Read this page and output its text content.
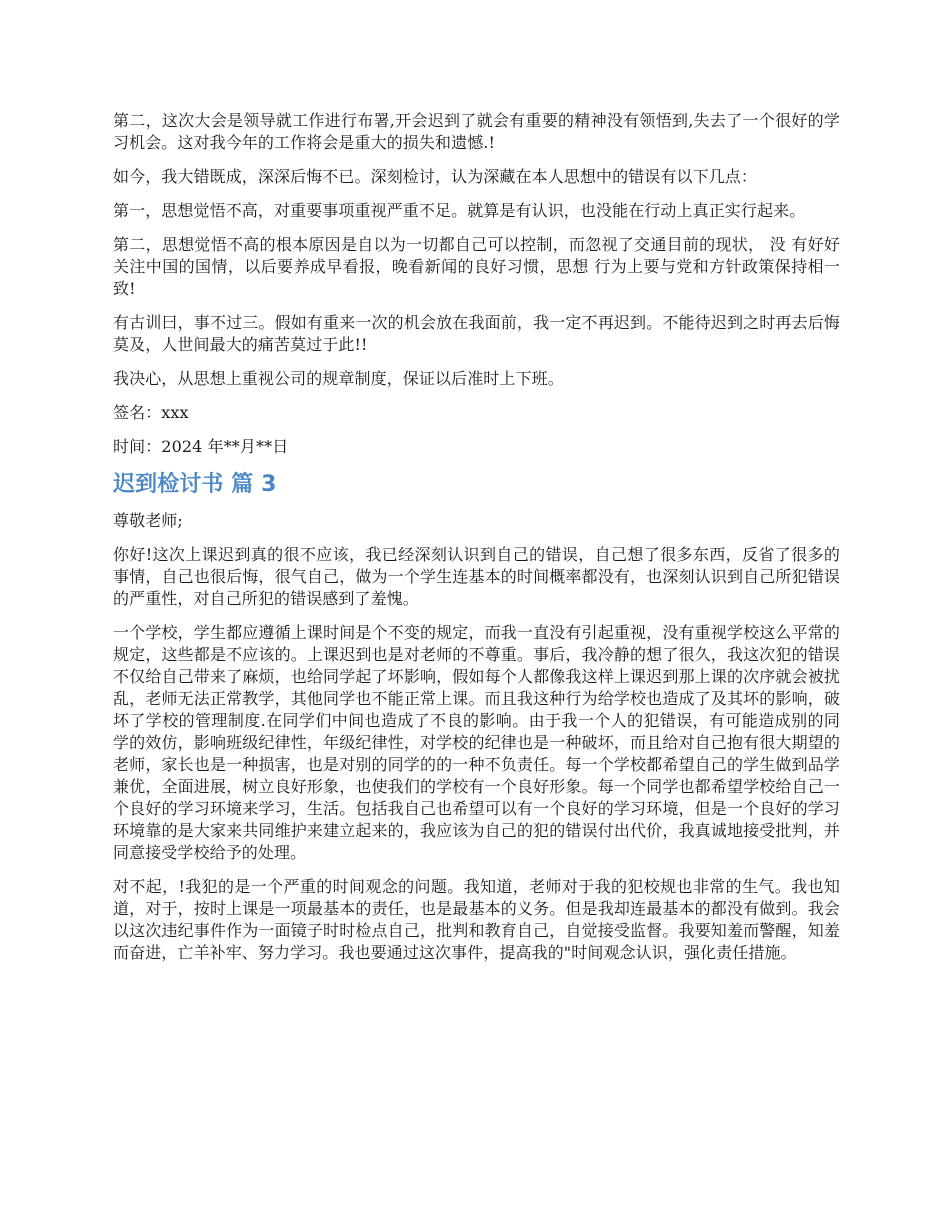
第二，这次大会是领导就工作进行布署,开会迟到了就会有重要的精神没有领悟到,失去了一个很好的学习机会。这对我今年的工作将会是重大的损失和遗憾.!

如今，我大错既成，深深后悔不已。深刻检讨，认为深藏在本人思想中的错误有以下几点：

第一，思想觉悟不高，对重要事项重视严重不足。就算是有认识，也没能在行动上真正实行起来。

第二，思想觉悟不高的根本原因是自以为一切都自己可以控制，而忽视了交通目前的现状， 没 有好好关注中国的国情，以后要养成早看报，晚看新闻的良好习惯，思想 行为上要与党和方针政策保持相一致!

有古训曰，事不过三。假如有重来一次的机会放在我面前，我一定不再迟到。不能待迟到之时再去后悔莫及，人世间最大的痛苦莫过于此!!

我决心，从思想上重视公司的规章制度，保证以后准时上下班。

签名：xxx

时间：2024 年**月**日

迟到检讨书 篇 3

尊敬老师;

你好!这次上课迟到真的很不应该，我已经深刻认识到自己的错误，自己想了很多东西，反省了很多的事情，自己也很后悔，很气自己，做为一个学生连基本的时间概率都没有，也深刻认识到自己所犯错误的严重性，对自己所犯的错误感到了羞愧。

一个学校，学生都应遵循上课时间是个不变的规定，而我一直没有引起重视，没有重视学校这么平常的规定，这些都是不应该的。上课迟到也是对老师的不尊重。事后，我冷静的想了很久，我这次犯的错误不仅给自己带来了麻烦，也给同学起了坏影响，假如每个人都像我这样上课迟到那上课的次序就会被扰乱，老师无法正常教学，其他同学也不能正常上课。而且我这种行为给学校也造成了及其坏的影响，破坏了学校的管理制度.在同学们中间也造成了不良的影响。由于我一个人的犯错误，有可能造成别的同学的效仿，影响班级纪律性，年级纪律性，对学校的纪律也是一种破坏，而且给对自己抱有很大期望的老师，家长也是一种损害，也是对别的同学的的一种不负责任。每一个学校都希望自己的学生做到品学兼优，全面进展，树立良好形象，也使我们的学校有一个良好形象。每一个同学也都希望学校给自己一个良好的学习环境来学习，生活。包括我自己也希望可以有一个良好的学习环境，但是一个良好的学习环境靠的是大家来共同维护来建立起来的，我应该为自己的犯的错误付出代价，我真诚地接受批判，并同意接受学校给予的处理。

对不起，!我犯的是一个严重的时间观念的问题。我知道，老师对于我的犯校规也非常的生气。我也知道，对于，按时上课是一项最基本的责任，也是最基本的义务。但是我却连最基本的都没有做到。我会以这次违纪事件作为一面镜子时时检点自己，批判和教育自己，自觉接受监督。我要知羞而警醒，知羞而奋进，亡羊补牢、努力学习。我也要通过这次事件，提高我的"时间观念认识，强化责任措施。
